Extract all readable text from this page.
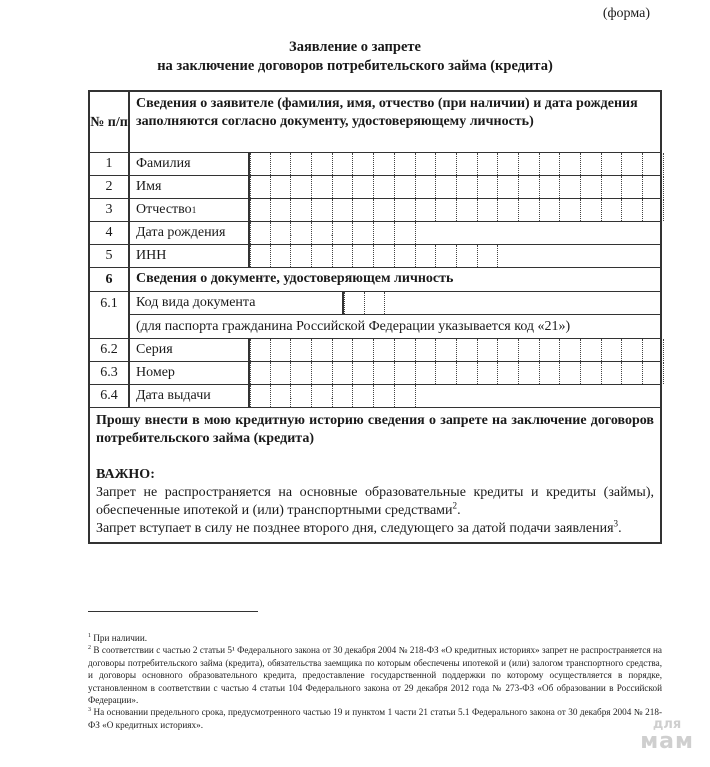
(форма)
Заявление о запрете
на заключение договоров потребительского займа (кредита)
№ п/п
Сведения о заявителе (фамилия, имя, отчество (при наличии) и дата рождения заполняются согласно документу, удостоверяющему личность)
1	Фамилия
2	Имя
3	Отчество 1
4	Дата рождения	.	.
5	ИНН
6	Сведения о документе, удостоверяющем личность
6.1	Код вида документа
(для паспорта гражданина Российской Федерации указывается код «21»)
6.2	Серия
6.3	Номер
6.4	Дата выдачи	.	.
Прошу внести в мою кредитную историю сведения о запрете на заключение договоров потребительского займа (кредита)
ВАЖНО:

Запрет не распространяется на основные образовательные кредиты и кредиты (займы), обеспеченные ипотекой и (или) транспортными средствами$^2$.

Запрет вступает в силу не позднее второго дня, следующего за датой подачи заявления$^3$.

$^1$ При наличии.
$^2$ В соответствии с частью 2 статьи 5¹ Федерального закона от 30 декабря 2004 № 218-ФЗ «О кредитных историях» запрет не распространяется на договоры потребительского займа (кредита), обязательства заемщика по которым обеспечены ипотекой и (или) залогом транспортного средства, и договоры основного образовательного кредита, предоставление государственной поддержки по которому осуществляется в порядке, установленном в соответствии с частью 4 статьи 104 Федерального закона от 29 декабря 2012 года № 273-ФЗ «Об образовании в Российской Федерации».
$^3$ На основании предельного срока, предусмотренного частью 19 и пунктом 1 части 21 статьи 5.1 Федерального закона от 30 декабря 2004 № 218-ФЗ «О кредитных историях».	для
мам
